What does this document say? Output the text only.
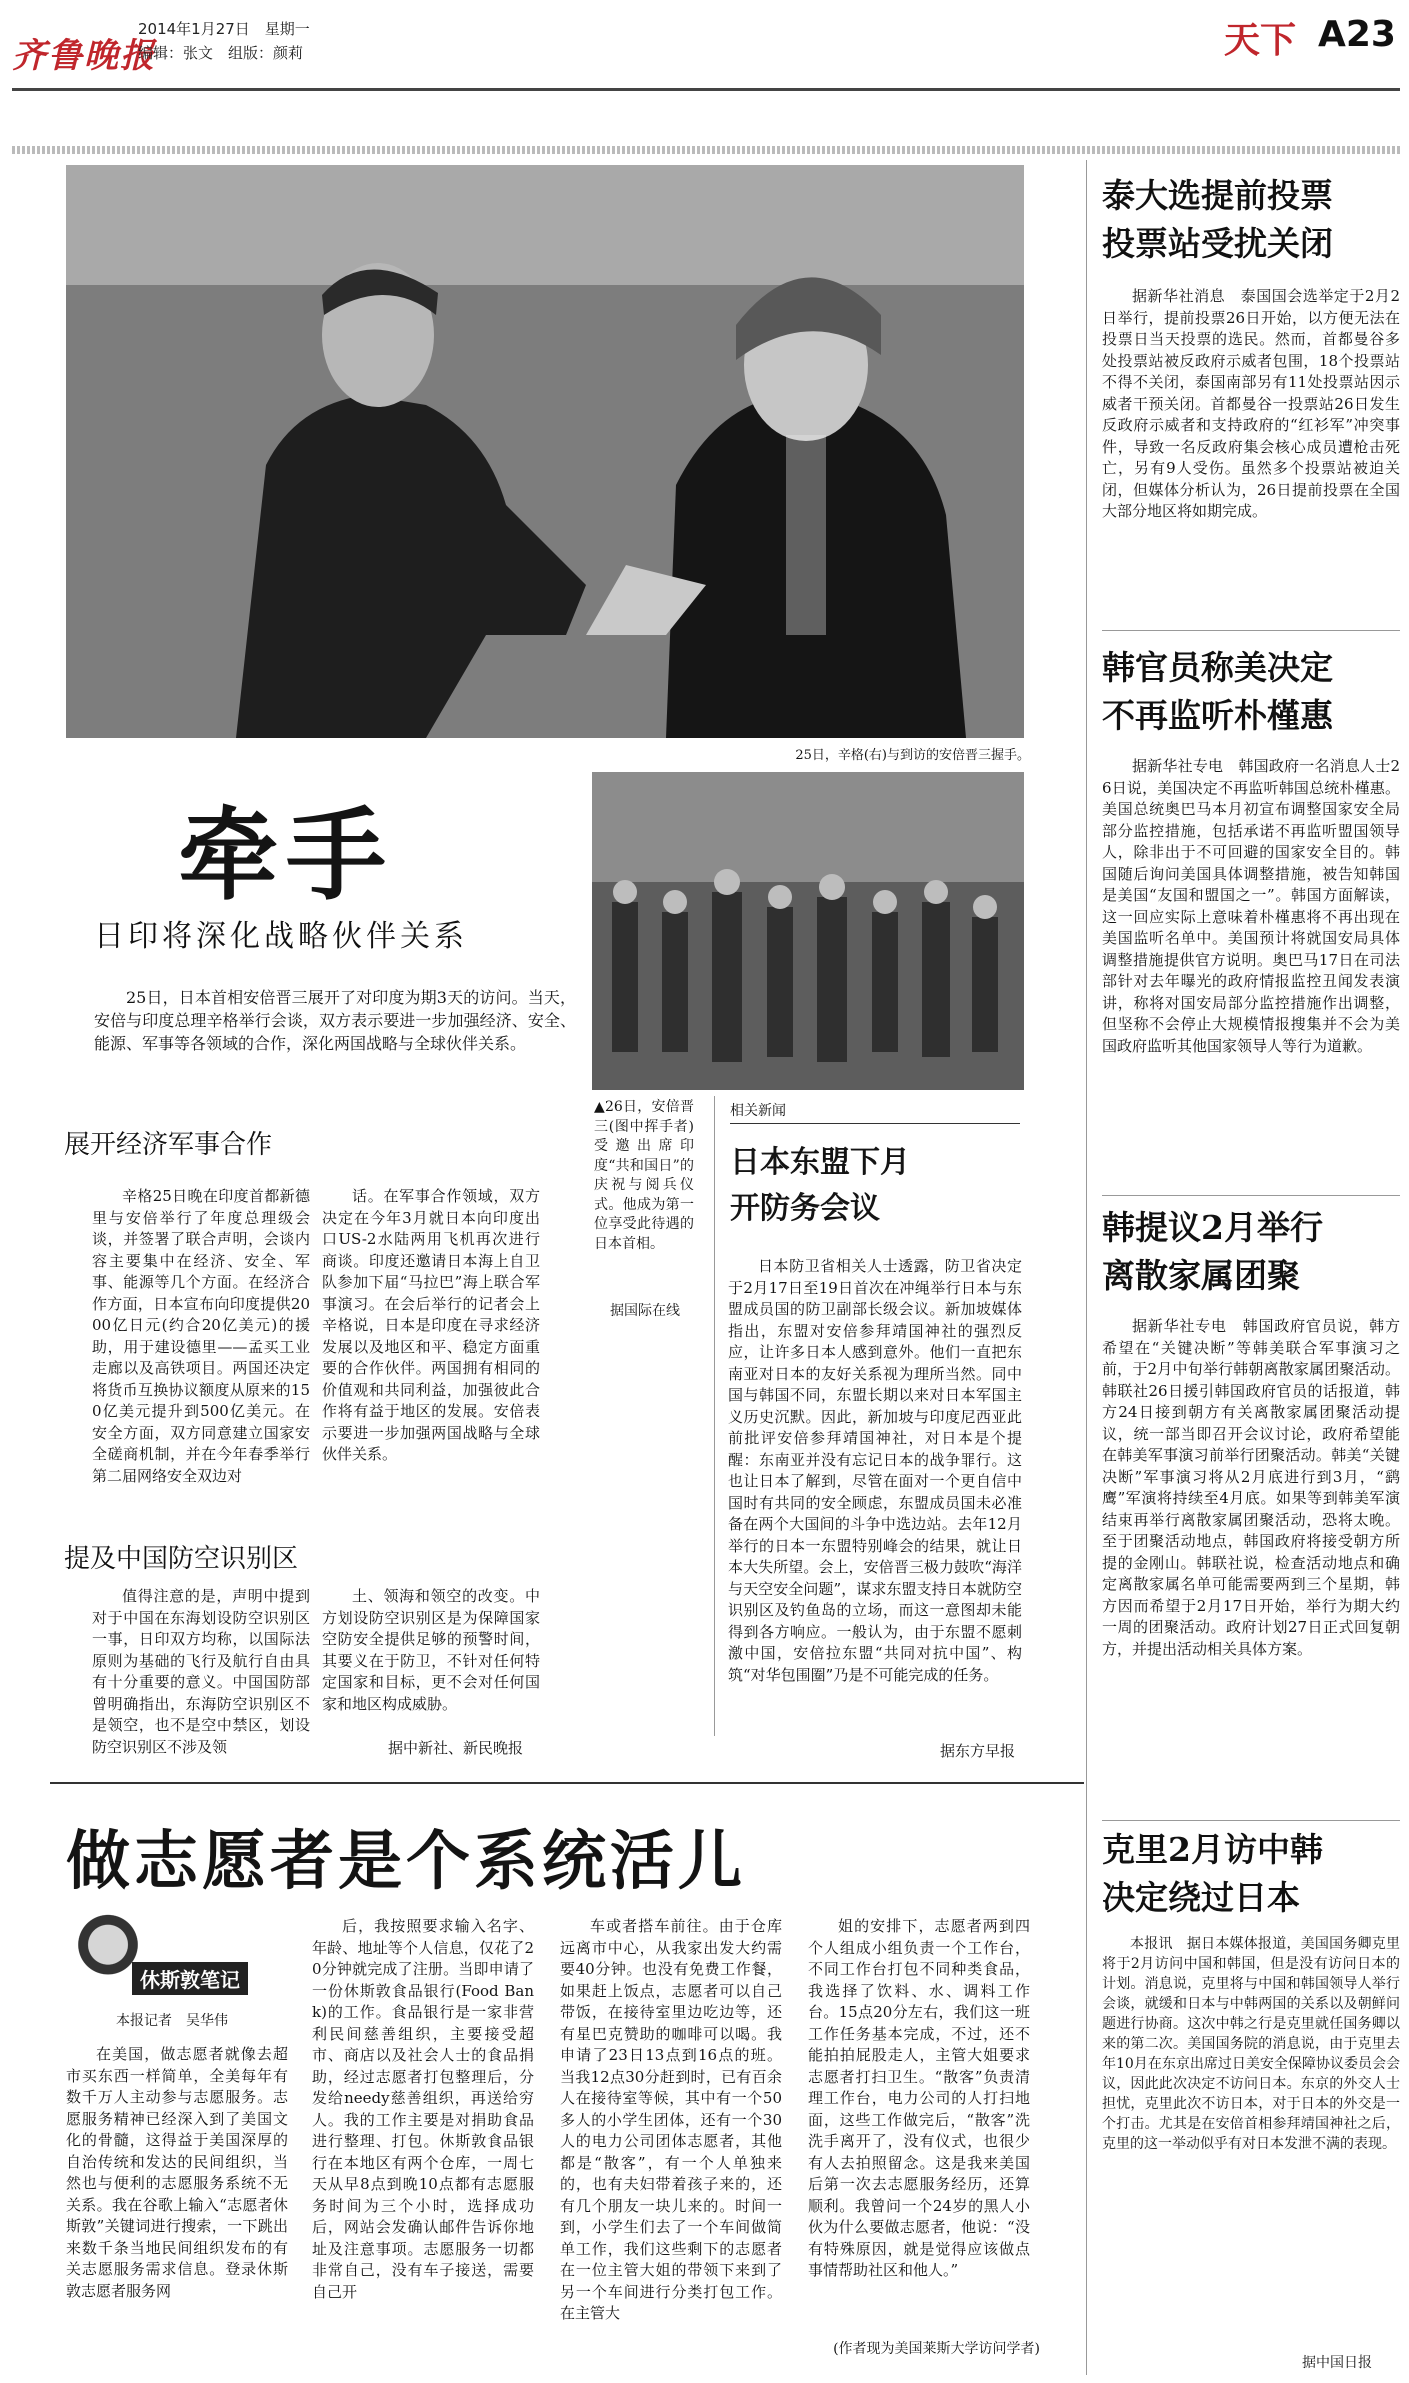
齐鲁晚报
2014年1月27日　星期一
编辑：张文　组版：颜莉	天下 A23
25日，辛格(右)与到访的安倍晋三握手。
牵手
日印将深化战略伙伴关系
25日，日本首相安倍晋三展开了对印度为期3天的访问。当天，安倍与印度总理辛格举行会谈，双方表示要进一步加强经济、安全、能源、军事等各领域的合作，深化两国战略与全球伙伴关系。
展开经济军事合作
辛格25日晚在印度首都新德里与安倍举行了年度总理级会谈，并签署了联合声明，会谈内容主要集中在经济、安全、军事、能源等几个方面。在经济合作方面，日本宣布向印度提供2000亿日元(约合20亿美元)的援助，用于建设德里——孟买工业走廊以及高铁项目。两国还决定将货币互换协议额度从原来的150亿美元提升到500亿美元。在安全方面，双方同意建立国家安全磋商机制，并在今年春季举行第二届网络安全双边对
话。在军事合作领域，双方决定在今年3月就日本向印度出口US-2水陆两用飞机再次进行商谈。印度还邀请日本海上自卫队参加下届“马拉巴”海上联合军事演习。在会后举行的记者会上辛格说，日本是印度在寻求经济发展以及地区和平、稳定方面重要的合作伙伴。两国拥有相同的价值观和共同利益，加强彼此合作将有益于地区的发展。安倍表示要进一步加强两国战略与全球伙伴关系。
提及中国防空识别区
值得注意的是，声明中提到对于中国在东海划设防空识别区一事，日印双方均称，以国际法原则为基础的飞行及航行自由具有十分重要的意义。中国国防部曾明确指出，东海防空识别区不是领空，也不是空中禁区，划设防空识别区不涉及领
土、领海和领空的改变。中方划设防空识别区是为保障国家空防安全提供足够的预警时间，其要义在于防卫，不针对任何特定国家和目标，更不会对任何国家和地区构成威胁。
据中新社、新民晚报
▲26日，安倍晋三(图中挥手者)受邀出席印度“共和国日”的庆祝与阅兵仪式。他成为第一位享受此待遇的日本首相。
据国际在线
相关新闻
日本东盟下月
开防务会议
日本防卫省相关人士透露，防卫省决定于2月17日至19日首次在冲绳举行日本与东盟成员国的防卫副部长级会议。新加坡媒体指出，东盟对安倍参拜靖国神社的强烈反应，让许多日本人感到意外。他们一直把东南亚对日本的友好关系视为理所当然。同中国与韩国不同，东盟长期以来对日本军国主义历史沉默。因此，新加坡与印度尼西亚此前批评安倍参拜靖国神社，对日本是个提醒：东南亚并没有忘记日本的战争罪行。这也让日本了解到，尽管在面对一个更自信中国时有共同的安全顾虑，东盟成员国未必准备在两个大国间的斗争中选边站。去年12月举行的日本一东盟特别峰会的结果，就让日本大失所望。会上，安倍晋三极力鼓吹“海洋与天空安全问题”，谋求东盟支持日本就防空识别区及钓鱼岛的立场，而这一意图却未能得到各方响应。一般认为，由于东盟不愿刺激中国，安倍拉东盟“共同对抗中国”、构筑“对华包围圈”乃是不可能完成的任务。
据东方早报
做志愿者是个系统活儿
休斯敦笔记
本报记者　吴华伟
在美国，做志愿者就像去超市买东西一样简单，全美每年有数千万人主动参与志愿服务。志愿服务精神已经深入到了美国文化的骨髓，这得益于美国深厚的自治传统和发达的民间组织，当然也与便利的志愿服务系统不无关系。我在谷歌上输入“志愿者休斯敦”关键词进行搜索，一下跳出来数千条当地民间组织发布的有关志愿服务需求信息。登录休斯敦志愿者服务网
后，我按照要求输入名字、年龄、地址等个人信息，仅花了20分钟就完成了注册。当即申请了一份休斯敦食品银行(Food Bank)的工作。食品银行是一家非营利民间慈善组织，主要接受超市、商店以及社会人士的食品捐助，经过志愿者打包整理后，分发给needy慈善组织，再送给穷人。我的工作主要是对捐助食品进行整理、打包。休斯敦食品银行在本地区有两个仓库，一周七天从早8点到晚10点都有志愿服务时间为三个小时，选择成功后，网站会发确认邮件告诉你地址及注意事项。志愿服务一切都非常自己，没有车子接送，需要自己开
车或者搭车前往。由于仓库远离市中心，从我家出发大约需要40分钟。也没有免费工作餐，如果赶上饭点，志愿者可以自己带饭，在接待室里边吃边等，还有星巴克赞助的咖啡可以喝。我申请了23日13点到16点的班。当我12点30分赶到时，已有百余人在接待室等候，其中有一个50多人的小学生团体，还有一个30人的电力公司团体志愿者，其他都是“散客”，有一个人单独来的，也有夫妇带着孩子来的，还有几个朋友一块儿来的。时间一到，小学生们去了一个车间做简单工作，我们这些剩下的志愿者在一位主管大姐的带领下来到了另一个车间进行分类打包工作。在主管大
姐的安排下，志愿者两到四个人组成小组负责一个工作台，不同工作台打包不同种类食品，我选择了饮料、水、调料工作台。15点20分左右，我们这一班工作任务基本完成，不过，还不能拍拍屁股走人，主管大姐要求志愿者打扫卫生。“散客”负责清理工作台，电力公司的人打扫地面，这些工作做完后，“散客”洗洗手离开了，没有仪式，也很少有人去拍照留念。这是我来美国后第一次去志愿服务经历，还算顺利。我曾问一个24岁的黑人小伙为什么要做志愿者，他说：“没有特殊原因，就是觉得应该做点事情帮助社区和他人。”
(作者现为美国莱斯大学访问学者)
泰大选提前投票
投票站受扰关闭
据新华社消息　泰国国会选举定于2月2日举行，提前投票26日开始，以方便无法在投票日当天投票的选民。然而，首都曼谷多处投票站被反政府示威者包围，18个投票站不得不关闭，泰国南部另有11处投票站因示威者干预关闭。首都曼谷一投票站26日发生反政府示威者和支持政府的“红衫军”冲突事件，导致一名反政府集会核心成员遭枪击死亡，另有9人受伤。虽然多个投票站被迫关闭，但媒体分析认为，26日提前投票在全国大部分地区将如期完成。
韩官员称美决定
不再监听朴槿惠
据新华社专电　韩国政府一名消息人士26日说，美国决定不再监听韩国总统朴槿惠。美国总统奥巴马本月初宣布调整国家安全局部分监控措施，包括承诺不再监听盟国领导人，除非出于不可回避的国家安全目的。韩国随后询问美国具体调整措施，被告知韩国是美国“友国和盟国之一”。韩国方面解读，这一回应实际上意味着朴槿惠将不再出现在美国监听名单中。美国预计将就国安局具体调整措施提供官方说明。奥巴马17日在司法部针对去年曝光的政府情报监控丑闻发表演讲，称将对国安局部分监控措施作出调整，但坚称不会停止大规模情报搜集并不会为美国政府监听其他国家领导人等行为道歉。
韩提议2月举行
离散家属团聚
据新华社专电　韩国政府官员说，韩方希望在“关键决断”等韩美联合军事演习之前，于2月中旬举行韩朝离散家属团聚活动。韩联社26日援引韩国政府官员的话报道，韩方24日接到朝方有关离散家属团聚活动提议，统一部当即召开会议讨论，政府希望能在韩美军事演习前举行团聚活动。韩美“关键决断”军事演习将从2月底进行到3月，“鹞鹰”军演将持续至4月底。如果等到韩美军演结束再举行离散家属团聚活动，恐将太晚。至于团聚活动地点，韩国政府将接受朝方所提的金刚山。韩联社说，检查活动地点和确定离散家属名单可能需要两到三个星期，韩方因而希望于2月17日开始，举行为期大约一周的团聚活动。政府计划27日正式回复朝方，并提出活动相关具体方案。
克里2月访中韩
决定绕过日本
本报讯　据日本媒体报道，美国国务卿克里将于2月访问中国和韩国，但是没有访问日本的计划。消息说，克里将与中国和韩国领导人举行会谈，就缓和日本与中韩两国的关系以及朝鲜问题进行协商。这次中韩之行是克里就任国务卿以来的第二次。美国国务院的消息说，由于克里去年10月在东京出席过日美安全保障协议委员会会议，因此此次决定不访问日本。东京的外交人士担忧，克里此次不访日本，对于日本的外交是一个打击。尤其是在安倍首相参拜靖国神社之后，克里的这一举动似乎有对日本发泄不满的表现。
据中国日报
